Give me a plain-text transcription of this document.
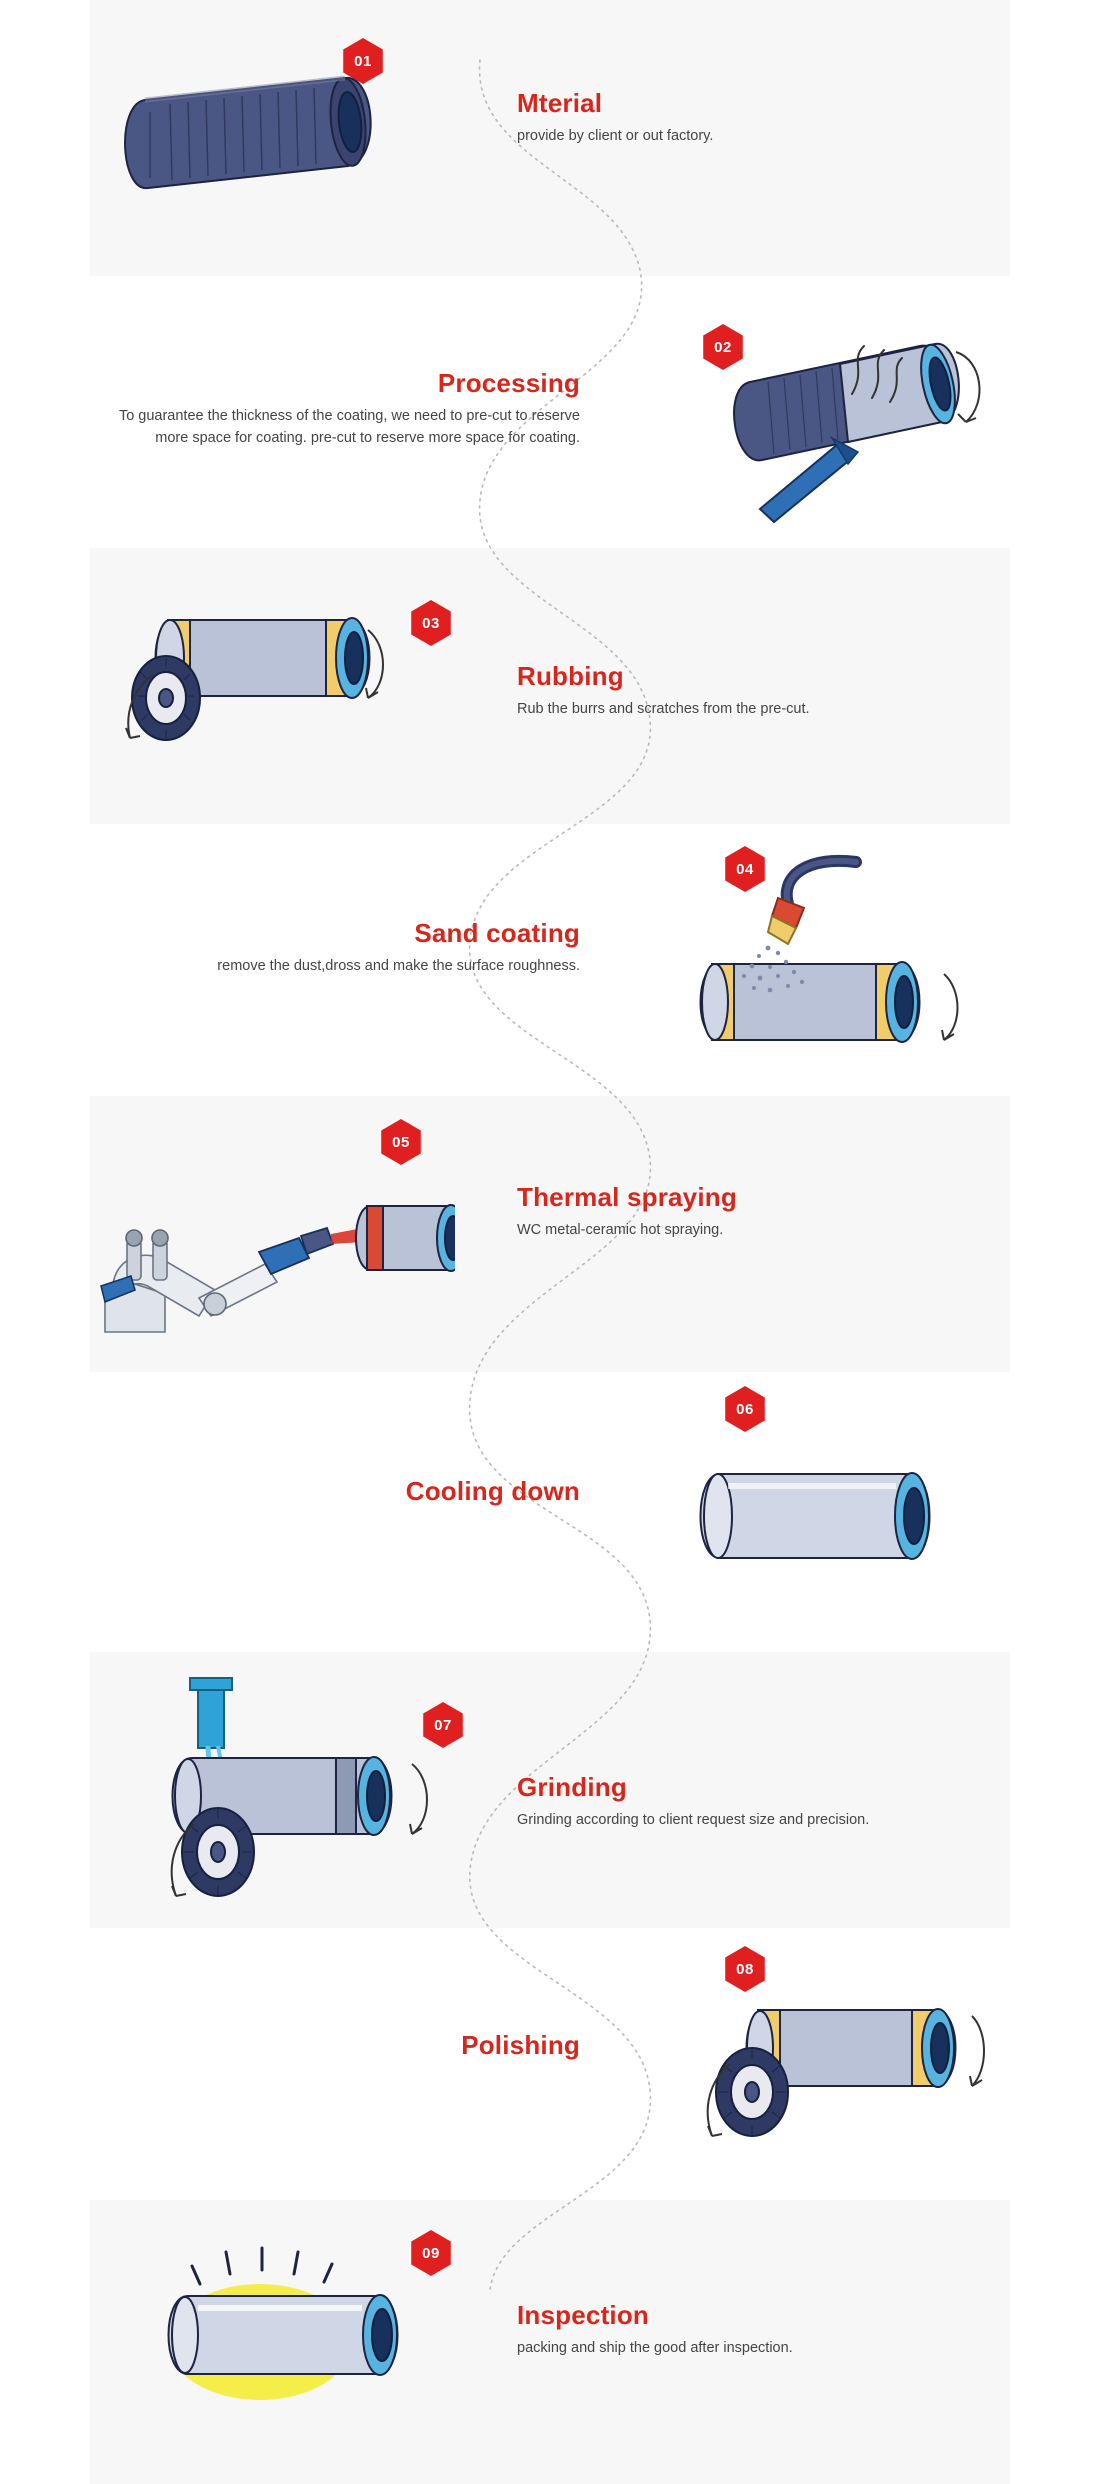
01

Mterial

provide by client or out factory.

02

Processing

To guarantee the thickness of the coating, we need to pre-cut to reserve more space for coating. pre-cut to reserve more space for coating.

03

Rubbing

Rub the burrs and scratches from the pre-cut.

04

Sand coating

remove the dust,dross and make the surface roughness.

05

Thermal spraying

WC metal-ceramic hot spraying.

06

Cooling down

07

Grinding

Grinding according to client request size and precision.

08

Polishing

09

Inspection

packing and ship the good after inspection.
